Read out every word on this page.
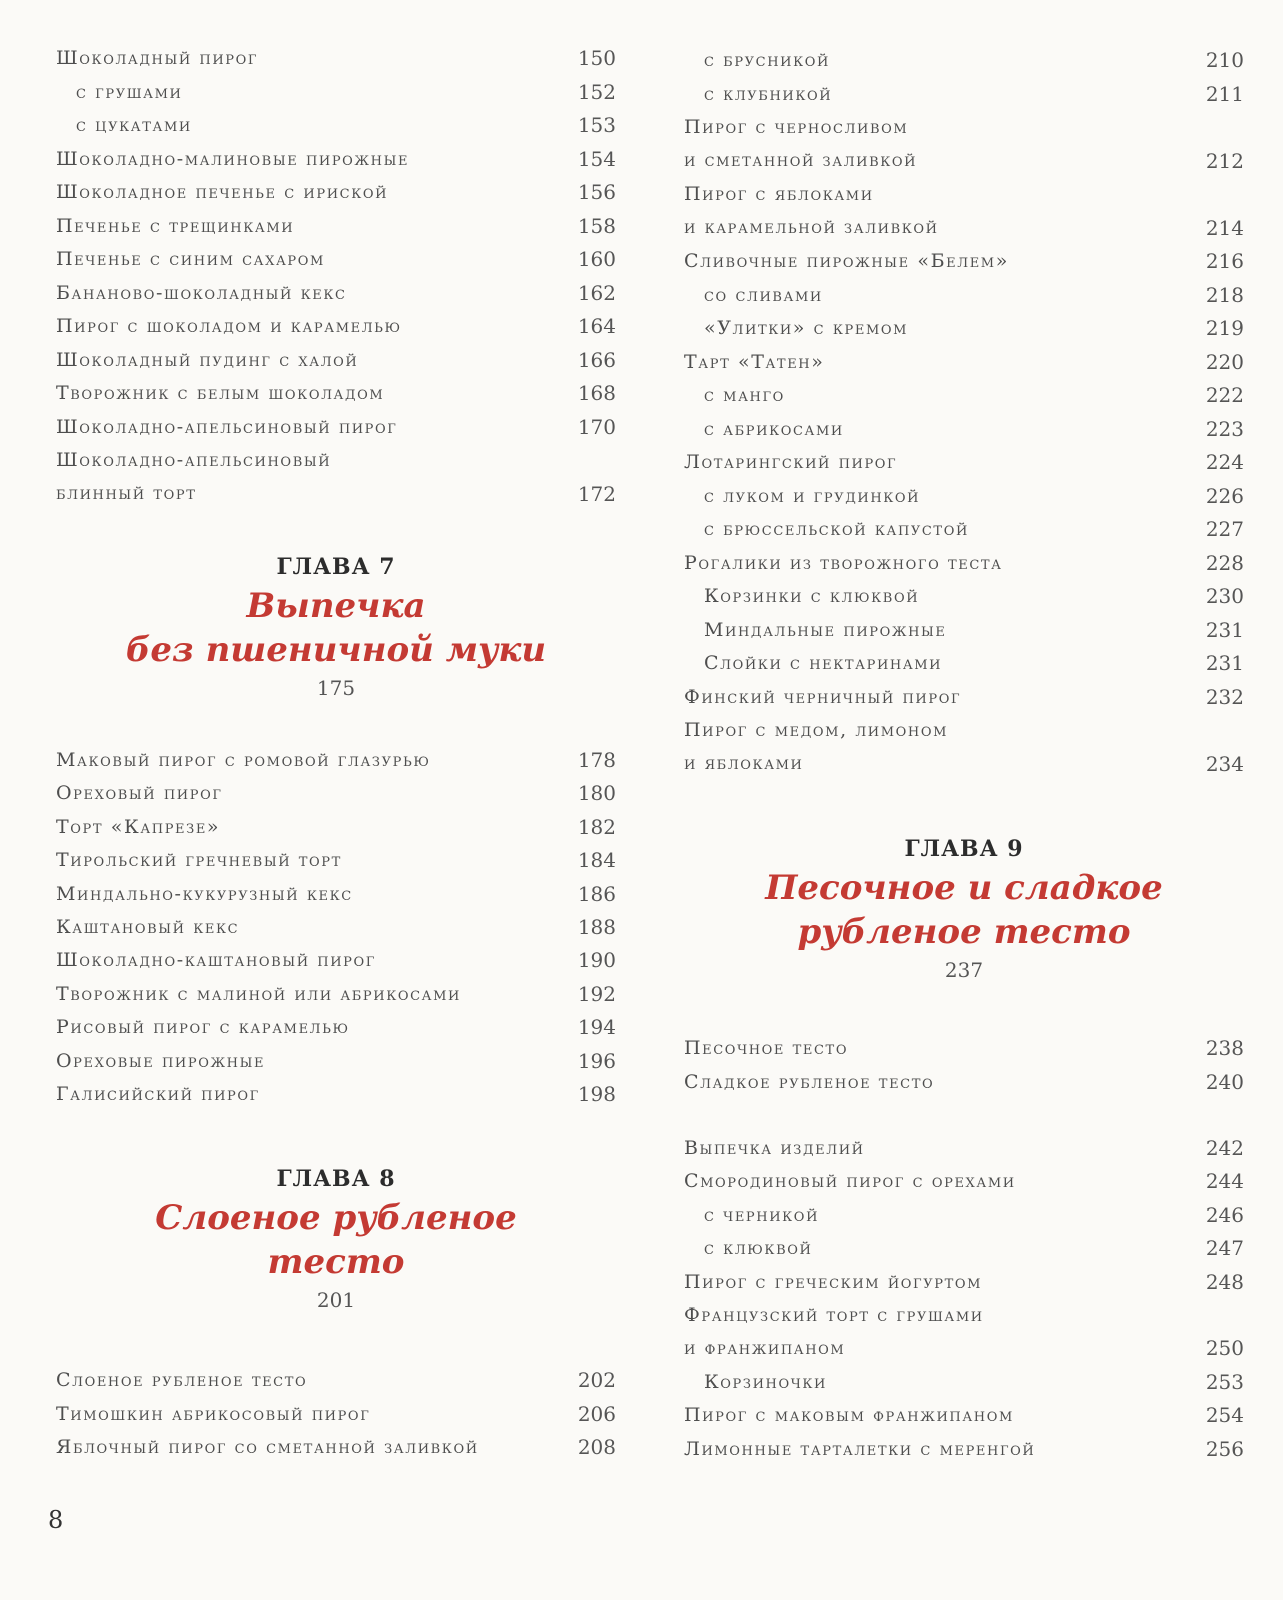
Шоколадный пирог	150
с грушами	152
с цукатами	153
Шоколадно-малиновые пирожные	154
Шоколадное печенье с ириской	156
Печенье с трещинками	158
Печенье с синим сахаром	160
Бананово-шоколадный кекс	162
Пирог с шоколадом и карамелью	164
Шоколадный пудинг с халой	166
Творожник с белым шоколадом	168
Шоколадно-апельсиновый пирог	170
Шоколадно-апельсиновый
блинный торт	172
ГЛАВА 7
Выпечка
без пшеничной муки
175
Маковый пирог с ромовой глазурью	178
Ореховый пирог	180
Торт «Капрезе»	182
Тирольский гречневый торт	184
Миндально-кукурузный кекс	186
Каштановый кекс	188
Шоколадно-каштановый пирог	190
Творожник с малиной или абрикосами	192
Рисовый пирог с карамелью	194
Ореховые пирожные	196
Галисийский пирог	198
ГЛАВА 8
Слоеное рубленое
тесто
201
Слоеное рубленое тесто	202
Тимошкин абрикосовый пирог	206
Яблочный пирог со сметанной заливкой	208
с брусникой	210
с клубникой	211
Пирог с черносливом
и сметанной заливкой	212
Пирог с яблоками
и карамельной заливкой	214
Сливочные пирожные «Белем»	216
со сливами	218
«Улитки» с кремом	219
Тарт «Татен»	220
с манго	222
с абрикосами	223
Лотарингский пирог	224
с луком и грудинкой	226
с брюссельской капустой	227
Рогалики из творожного теста	228
Корзинки с клюквой	230
Миндальные пирожные	231
Слойки с нектаринами	231
Финский черничный пирог	232
Пирог с медом, лимоном
и яблоками	234
ГЛАВА 9
Песочное и сладкое
рубленое тесто
237
Песочное тесто	238
Сладкое рубленое тесто	240
Выпечка изделий	242
Смородиновый пирог с орехами	244
с черникой	246
с клюквой	247
Пирог с греческим йогуртом	248
Французский торт с грушами
и франжипаном	250
Корзиночки	253
Пирог с маковым франжипаном	254
Лимонные тарталетки с меренгой	256
8
